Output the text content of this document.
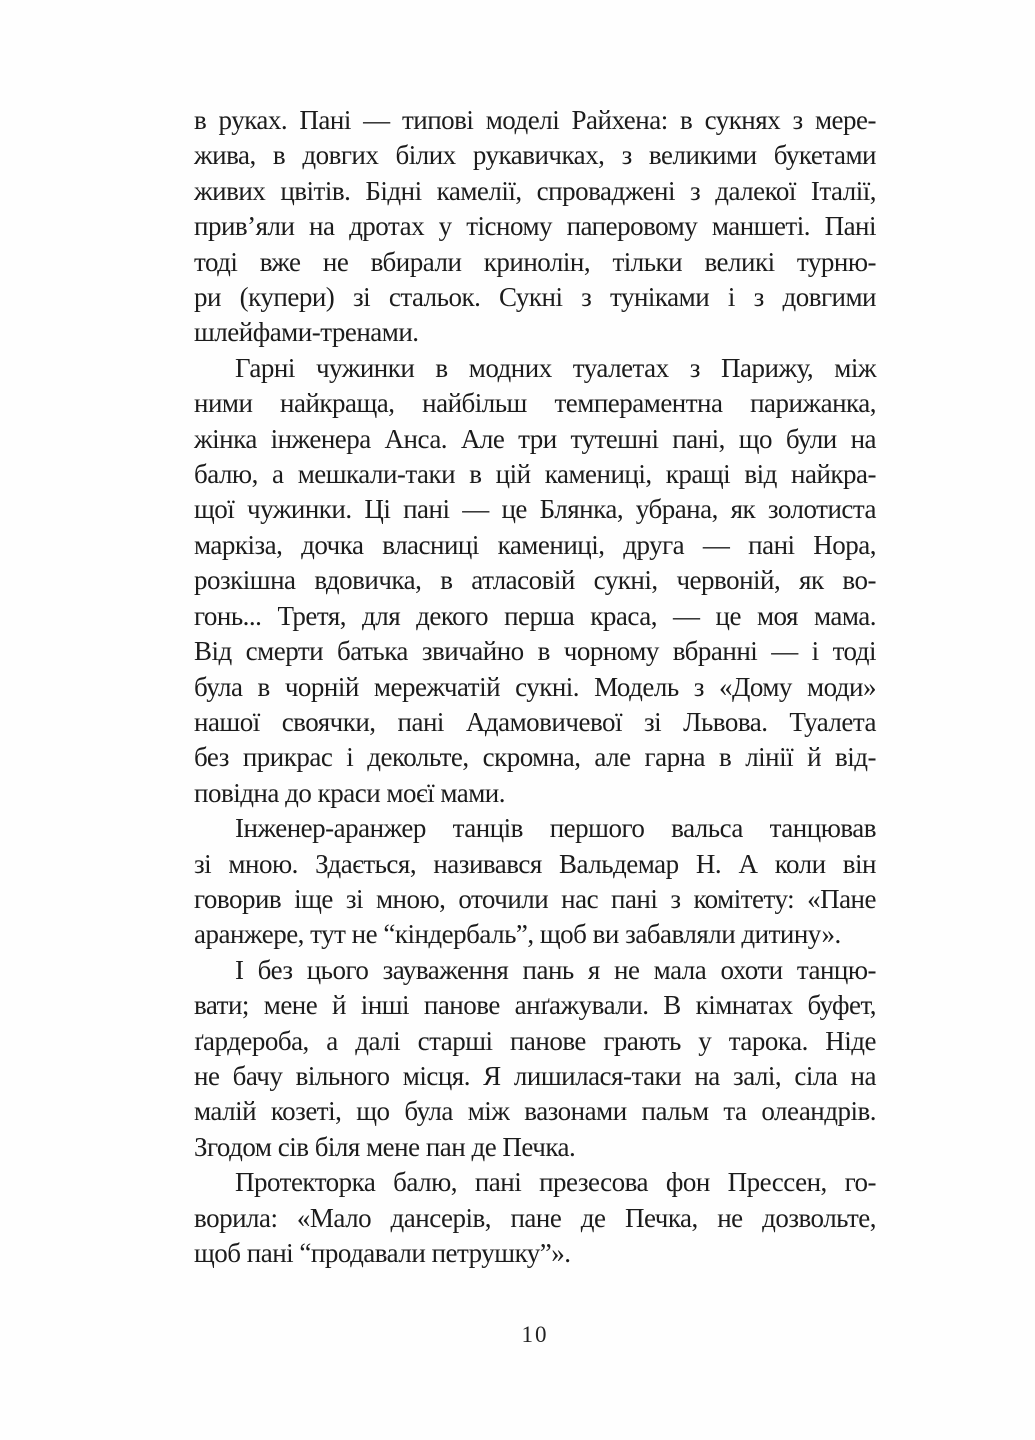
в руках. Пані — типові моделі Райхена: в сукнях з мере-
жива, в довгих білих рукавичках, з великими букетами
живих цвітів. Бідні камелії, спроваджені з далекої Італії,
прив’яли на дротах у тісному паперовому маншеті. Пані
тоді вже не вбирали кринолін, тільки великі турню-
ри (купери) зі стальок. Сукні з туніками і з довгими
шлейфами-тренами.

Гарні чужинки в модних туалетах з Парижу, між
ними найкраща, найбільш темпераментна парижанка,
жінка інженера Анса. Але три тутешні пані, що були на
балю, а мешкали-таки в цій камениці, кращі від найкра-
щої чужинки. Ці пані — це Блянка, убрана, як золотиста
маркіза, дочка власниці камениці, друга — пані Нора,
розкішна вдовичка, в атласовій сукні, червоній, як во-
гонь... Третя, для декого перша краса, — це моя мама.
Від смерти батька звичайно в чорному вбранні — і тоді
була в чорній мережчатій сукні. Модель з «Дому моди»
нашої своячки, пані Адамовичевої зі Львова. Туалета
без прикрас і декольте, скромна, але гарна в лінії й від-
повідна до краси моєї мами.

Інженер-аранжер танців першого вальса танцював
зі мною. Здається, називався Вальдемар Н. А коли він
говорив іще зі мною, оточили нас пані з комітету: «Пане
аранжере, тут не “кіндербаль”, щоб ви забавляли дитину».

І без цього зауваження пань я не мала охоти танцю-
вати; мене й інші панове анґажували. В кімнатах буфет,
ґардероба, а далі старші панове грають у тарока. Ніде
не бачу вільного місця. Я лишилася-таки на залі, сіла на
малій козеті, що була між вазонами пальм та олеандрів.
Згодом сів біля мене пан де Печка.

Протекторка балю, пані презесова фон Прессен, го-
ворила: «Мало дансерів, пане де Печка, не дозвольте,
щоб пані “продавали петрушку”».

10
